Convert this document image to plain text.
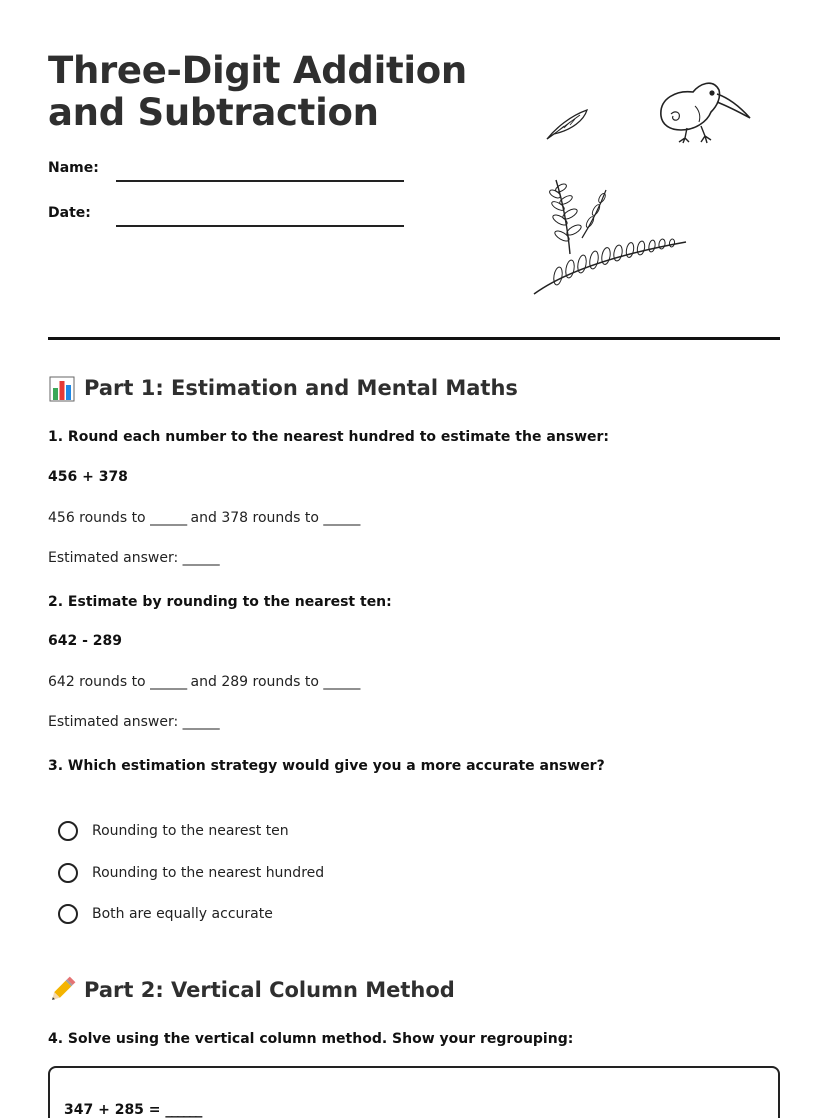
Three-Digit Addition
and Subtraction
Name:
Date:
Part 1: Estimation and Mental Maths
1. Round each number to the nearest hundred to estimate the answer:
456 + 378
456 rounds to ______ and 378 rounds to ______
Estimated answer: ______
2. Estimate by rounding to the nearest ten:
642 - 289
642 rounds to ______ and 289 rounds to ______
Estimated answer: ______
3. Which estimation strategy would give you a more accurate answer?
Rounding to the nearest ten
Rounding to the nearest hundred
Both are equally accurate
Part 2: Vertical Column Method
4. Solve using the vertical column method. Show your regrouping:
347 + 285 = ______
